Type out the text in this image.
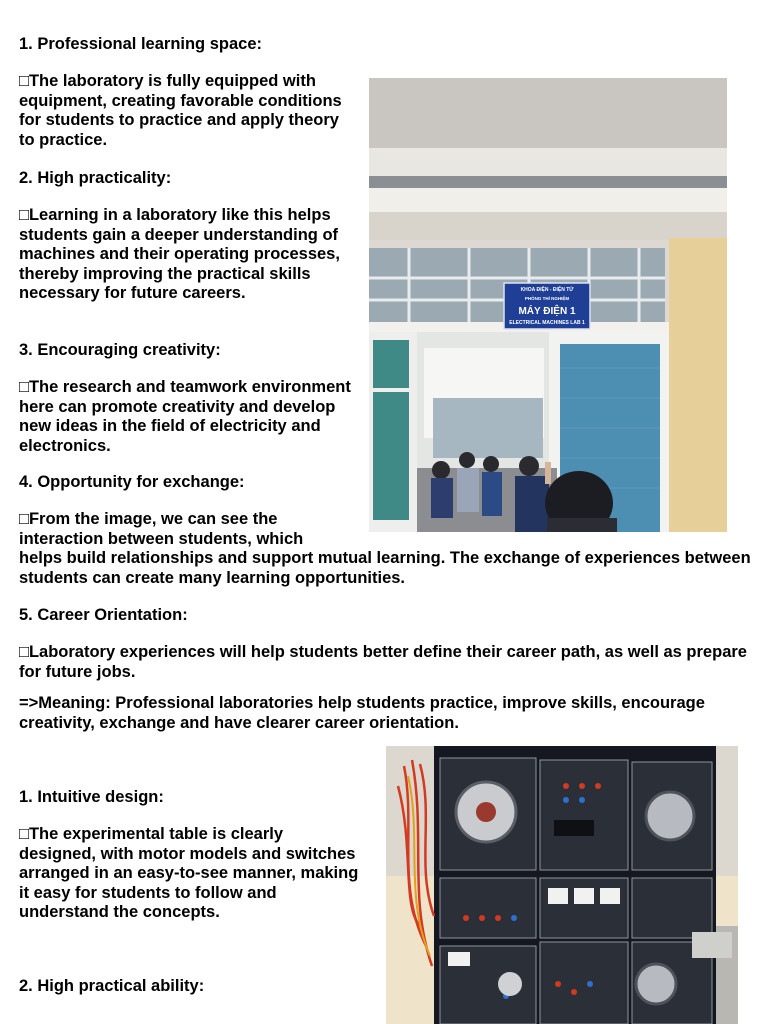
1. Professional learning space:

□The laboratory is fully equipped with equipment, creating favorable conditions for students to practice and apply theory to practice.

2. High practicality:

□Learning in a laboratory like this helps students gain a deeper understanding of machines and their operating processes, thereby improving the practical skills necessary for future careers.

3. Encouraging creativity:

□The research and teamwork environment here can promote creativity and develop new ideas in the field of electricity and electronics.

4. Opportunity for exchange:

□From the image, we can see the interaction between students, which

helps build relationships and support mutual learning. The exchange of experiences between students can create many learning opportunities.

5. Career Orientation:

□Laboratory experiences will help students better define their career path, as well as prepare for future jobs.

=>Meaning: Professional laboratories help students practice, improve skills, encourage creativity, exchange and have clearer career orientation.

1. Intuitive design:

□The experimental table is clearly designed, with motor models and switches arranged in an easy-to-see manner, making it easy for students to follow and understand the concepts.

2. High practical ability:

KHOA ĐIỆN - ĐIỆN TỬ
PHÒNG THÍ NGHIỆM
MÁY ĐIỆN 1
ELECTRICAL MACHINES LAB 1
